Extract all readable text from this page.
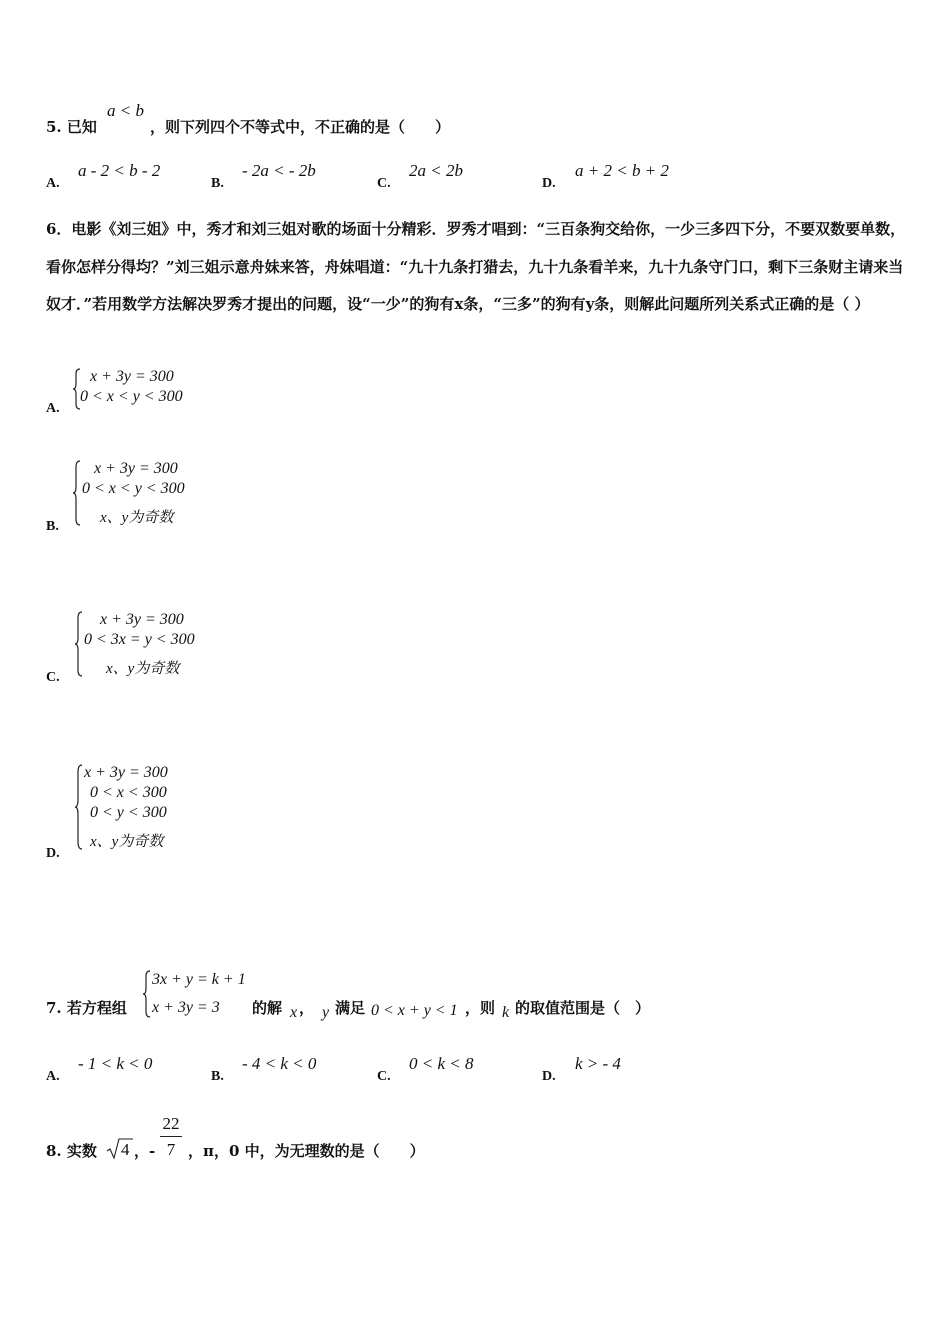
5. 已知
a < b
，则下列四个不等式中，不正确的是（　　）
A.
a - 2 < b - 2
B.
- 2a < - 2b
C.
2a < 2b
D.
a + 2 < b + 2
6．电影《刘三姐》中，秀才和刘三姐对歌的场面十分精彩．罗秀才唱到：“三百条狗交给你，一少三多四下分，不要双数要单数，看你怎样分得均？”刘三姐示意舟妹来答，舟妹唱道：“九十九条打猎去，九十九条看羊来，九十九条守门口，剩下三条财主请来当奴才．”若用数学方法解决罗秀才提出的问题，设“一少”的狗有x条，“三多”的狗有y条，则解此问题所列关系式正确的是（ ）
A.
x + 3y = 300
0 < x < y < 300
B.
x + 3y = 300
0 < x < y < 300
x、y为奇数
C.
x + 3y = 300
0 < 3x = y < 300
x、y为奇数
D.
x + 3y = 300
0 < x < 300
0 < y < 300
x、y为奇数
7. 若方程组
3x + y = k + 1
x + 3y = 3 的解 x ， y 满足 0 < x + y < 1 ，则 k 的取值范围是（　）
A.
- 1 < k < 0
B.
- 4 < k < 0
C.
0 < k < 8
D.
k > - 4
8. 实数 4 ，-
22
7 ，π，0 中，为无理数的是（　　）
